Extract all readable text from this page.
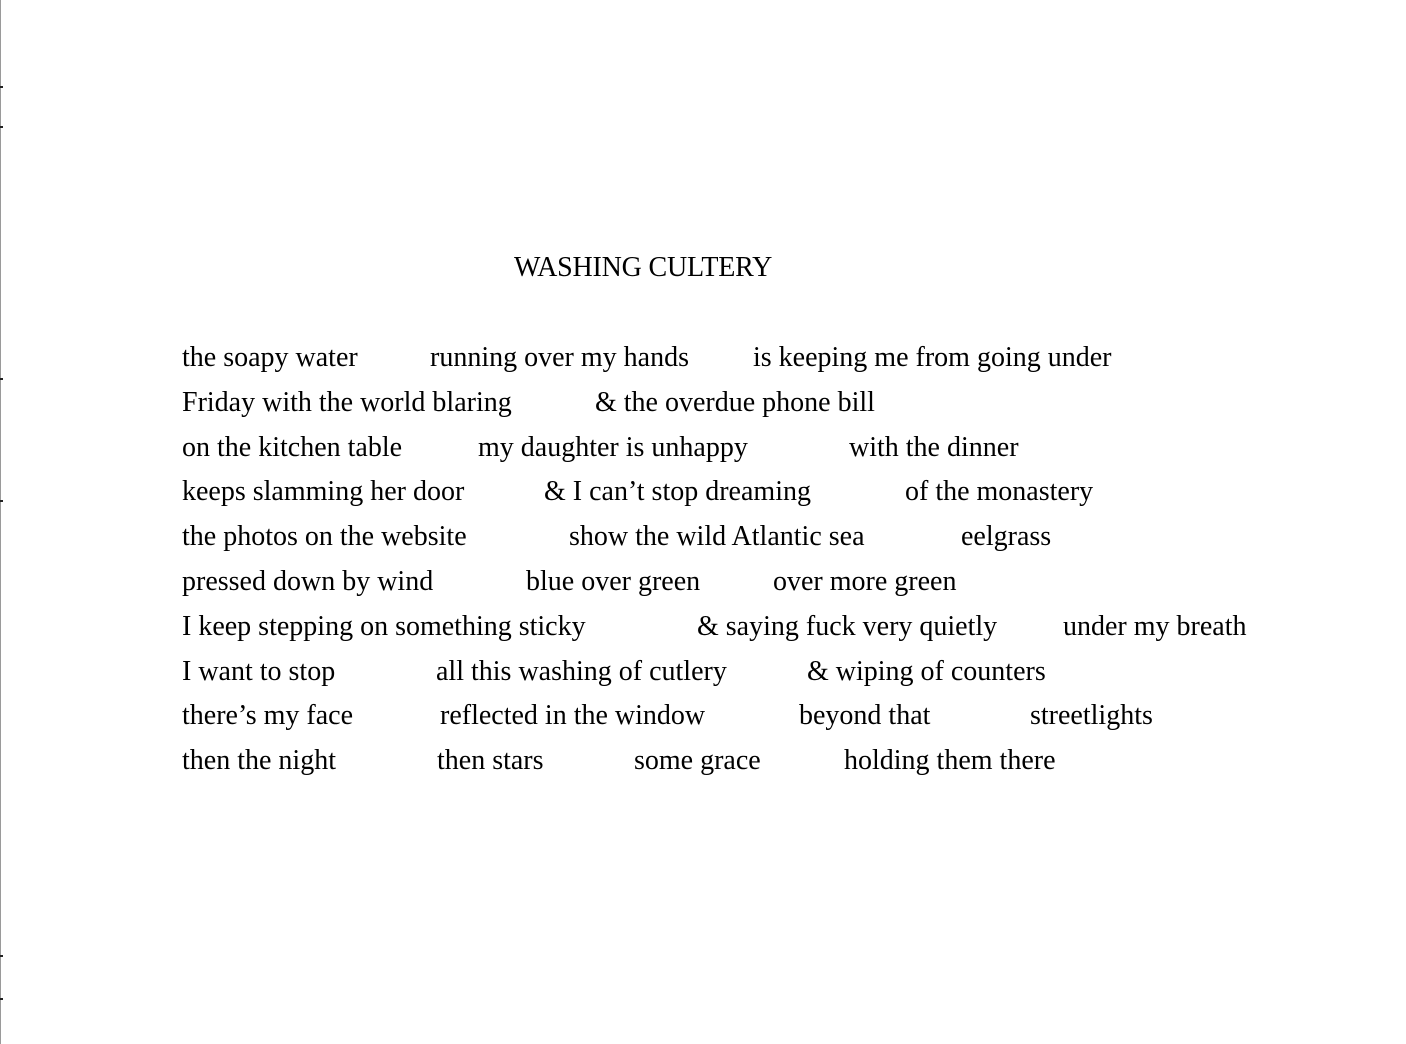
WASHING CULTERY
the soapy water	running over my hands is keeping me from going under
Friday with the world blaring	& the overdue phone bill
on the kitchen table	my daughter is unhappy	with the dinner
keeps slamming her door	& I can’t stop dreaming	of the monastery
the photos on the website	show the wild Atlantic sea	eelgrass
pressed down by wind	blue over green	over more green
I keep stepping on something sticky	& saying fuck very quietly under my breath
I want to stop	all this washing of cutlery	& wiping of counters
there’s my face	reflected in the window	beyond that	streetlights
then the night	then stars	some grace	holding them there
